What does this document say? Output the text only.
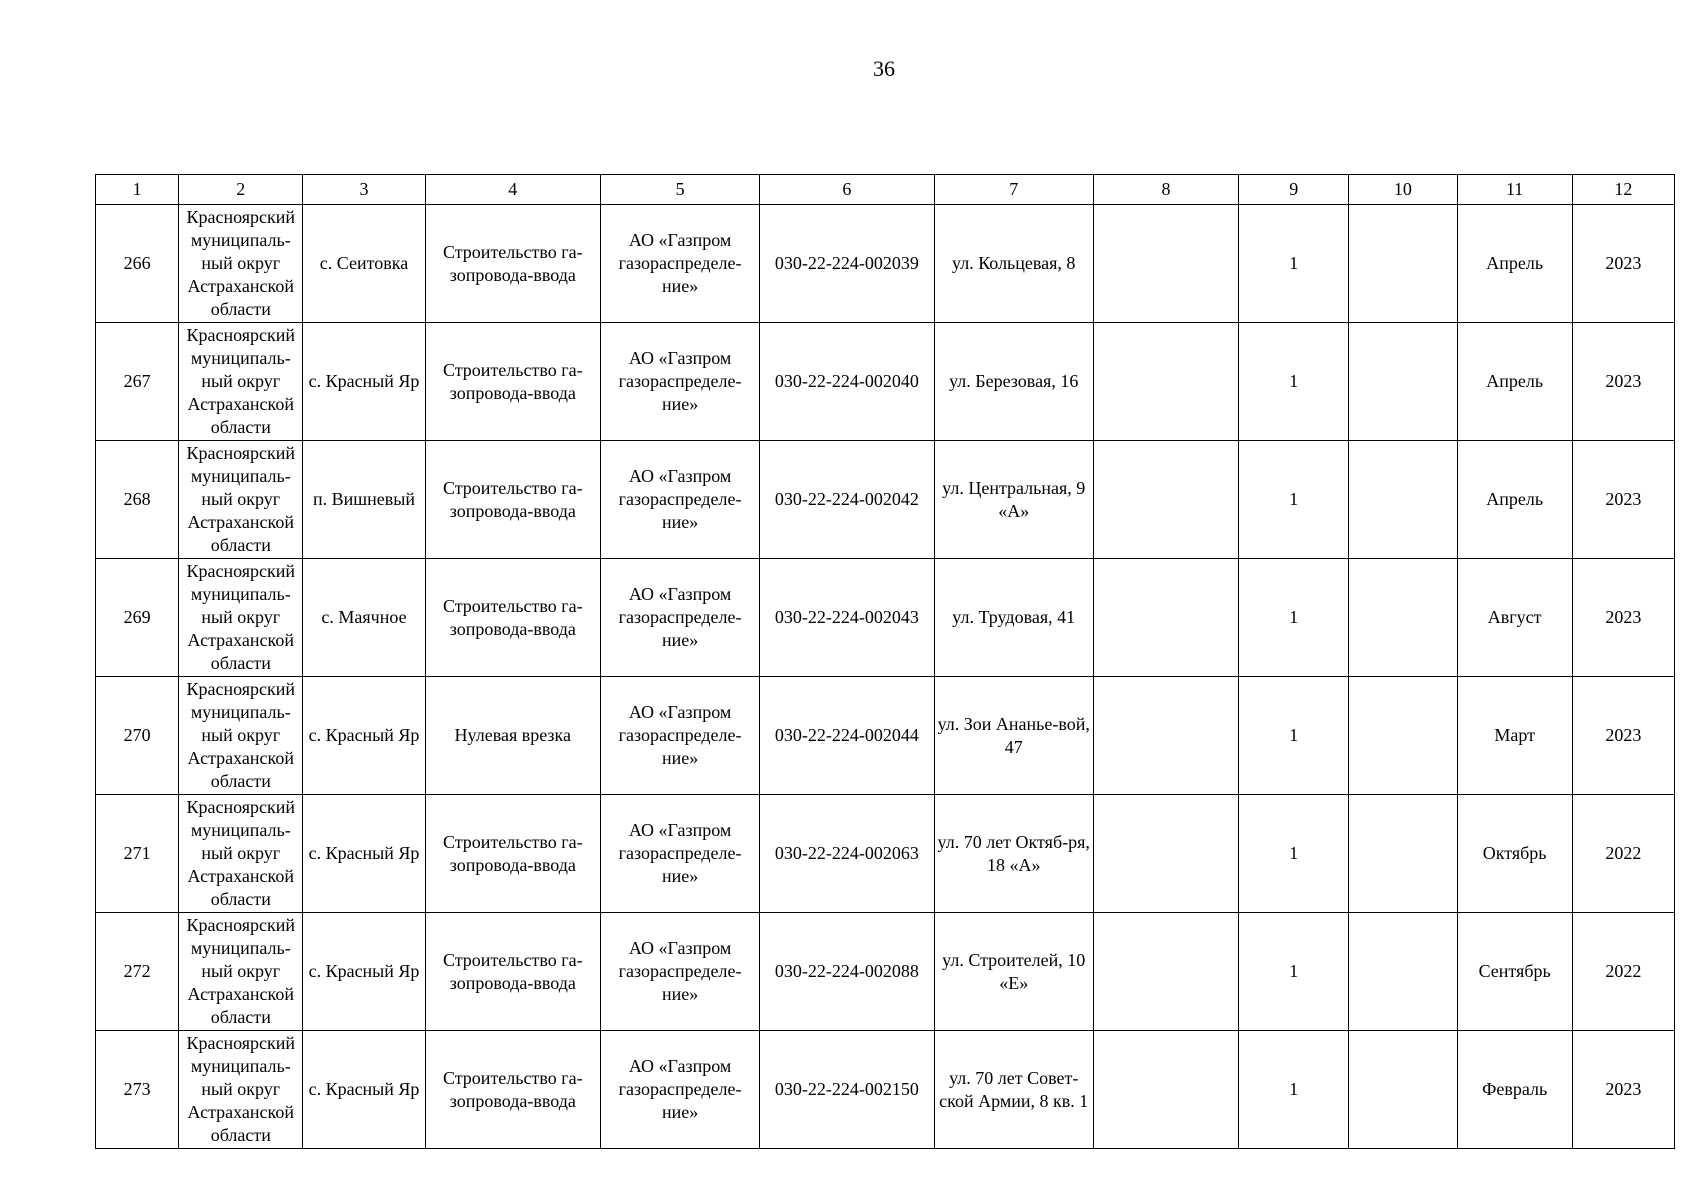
36
1	2	3	4	5	6	7	8	9	10	11	12
266	Красноярский муниципаль-ный округ Астраханской области	с. Сеитовка	Строительство га-зопровода-ввода	АО «Газпром газораспределе-ние»	030-22-224-002039	ул. Кольцевая, 8		1		Апрель	2023
267	Красноярский муниципаль-ный округ Астраханской области	с. Красный Яр	Строительство га-зопровода-ввода	АО «Газпром газораспределе-ние»	030-22-224-002040	ул. Березовая, 16		1		Апрель	2023
268	Красноярский муниципаль-ный округ Астраханской области	п. Вишневый	Строительство га-зопровода-ввода	АО «Газпром газораспределе-ние»	030-22-224-002042	ул. Центральная, 9 «А»		1		Апрель	2023
269	Красноярский муниципаль-ный округ Астраханской области	с. Маячное	Строительство га-зопровода-ввода	АО «Газпром газораспределе-ние»	030-22-224-002043	ул. Трудовая, 41		1		Август	2023
270	Красноярский муниципаль-ный округ Астраханской области	с. Красный Яр	Нулевая врезка	АО «Газпром газораспределе-ние»	030-22-224-002044	ул. Зои Ананье-вой, 47		1		Март	2023
271	Красноярский муниципаль-ный округ Астраханской области	с. Красный Яр	Строительство га-зопровода-ввода	АО «Газпром газораспределе-ние»	030-22-224-002063	ул. 70 лет Октяб-ря, 18 «А»		1		Октябрь	2022
272	Красноярский муниципаль-ный округ Астраханской области	с. Красный Яр	Строительство га-зопровода-ввода	АО «Газпром газораспределе-ние»	030-22-224-002088	ул. Строителей, 10 «Е»		1		Сентябрь	2022
273	Красноярский муниципаль-ный округ Астраханской области	с. Красный Яр	Строительство га-зопровода-ввода	АО «Газпром газораспределе-ние»	030-22-224-002150	ул. 70 лет Совет-ской Армии, 8 кв. 1		1		Февраль	2023
